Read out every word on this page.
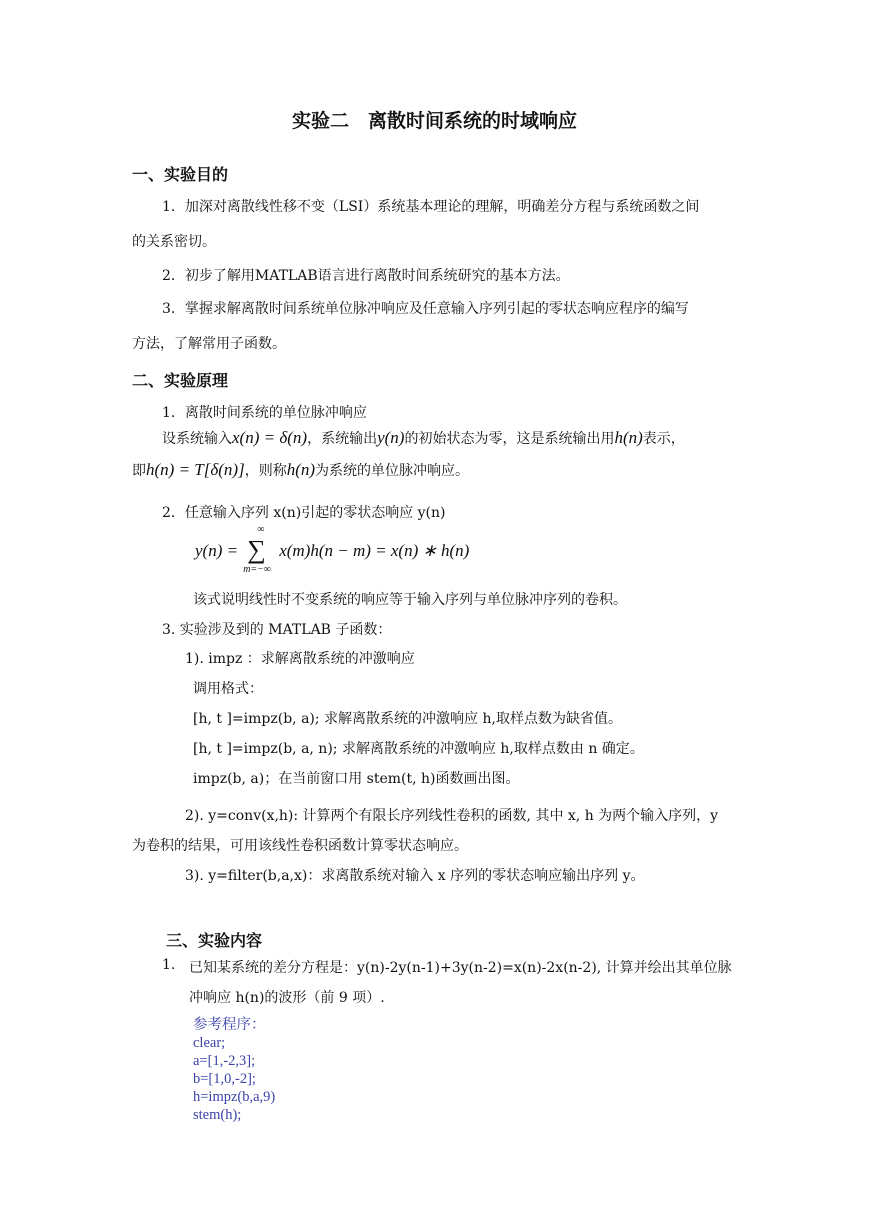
实验二　离散时间系统的时域响应
一、实验目的
1．加深对离散线性移不变（LSI）系统基本理论的理解，明确差分方程与系统函数之间
的关系密切。
2．初步了解用MATLAB语言进行离散时间系统研究的基本方法。
3．掌握求解离散时间系统单位脉冲响应及任意输入序列引起的零状态响应程序的编写
方法，了解常用子函数。
二、实验原理
1．离散时间系统的单位脉冲响应
设系统输入x(n) = δ(n)，系统输出y(n)的初始状态为零，这是系统输出用h(n)表示，
即h(n) = T[δ(n)]，则称h(n)为系统的单位脉冲响应。
2．任意输入序列 x(n)引起的零状态响应 y(n)
y(n) =
∞
∑
m=−∞
x(m)h(n − m) = x(n) ∗ h(n)
该式说明线性时不变系统的响应等于输入序列与单位脉冲序列的卷积。
3. 实验涉及到的 MATLAB 子函数：
1). impz ：求解离散系统的冲激响应
调用格式：
[h, t ]=impz(b, a); 求解离散系统的冲激响应 h,取样点数为缺省值。
[h, t ]=impz(b, a, n); 求解离散系统的冲激响应 h,取样点数由 n 确定。
impz(b, a)；在当前窗口用 stem(t, h)函数画出图。
2). y=conv(x,h): 计算两个有限长序列线性卷积的函数, 其中 x, h 为两个输入序列，y
为卷积的结果，可用该线性卷积函数计算零状态响应。
3). y=filter(b,a,x)：求离散系统对输入 x 序列的零状态响应输出序列 y。
三、实验内容
1. 已知某系统的差分方程是：y(n)-2y(n-1)+3y(n-2)=x(n)-2x(n-2), 计算并绘出其单位脉
冲响应 h(n)的波形（前 9 项）.
参考程序：
clear;
a=[1,-2,3];
b=[1,0,-2];
h=impz(b,a,9)
stem(h);
